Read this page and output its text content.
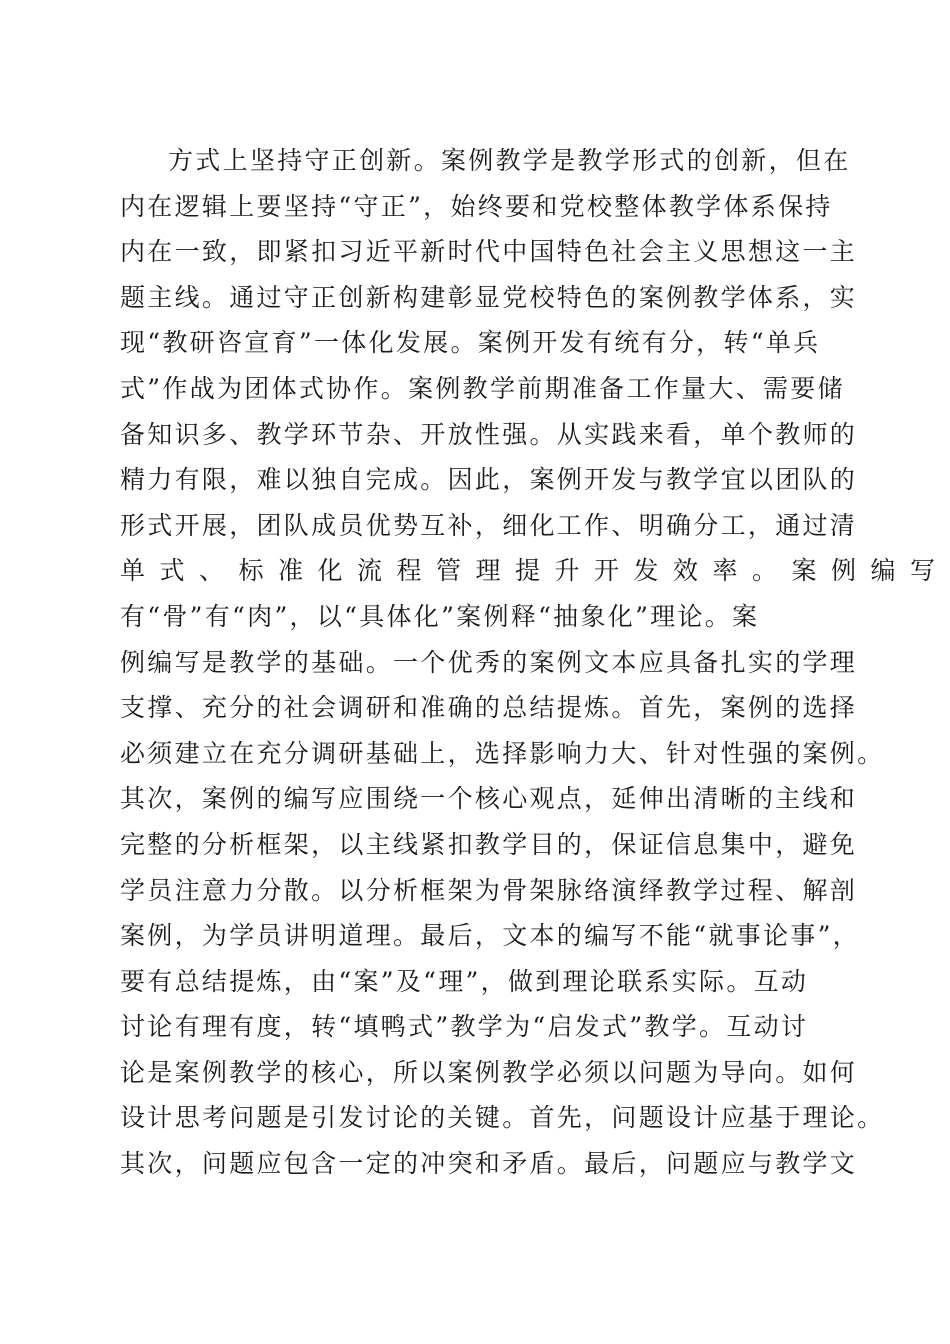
方式上坚持守正创新。案例教学是教学形式的创新，但在
内在逻辑上要坚持“守正”，始终要和党校整体教学体系保持
内在一致，即紧扣习近平新时代中国特色社会主义思想这一主
题主线。通过守正创新构建彰显党校特色的案例教学体系，实
现“教研咨宣育”一体化发展。案例开发有统有分，转“单兵
式”作战为团体式协作。案例教学前期准备工作量大、需要储
备知识多、教学环节杂、开放性强。从实践来看，单个教师的
精力有限，难以独自完成。因此，案例开发与教学宜以团队的
形式开展，团队成员优势互补，细化工作、明确分工，通过清
单式、标准化流程管理提升开发效率。案例编写
有“骨”有“肉”，以“具体化”案例释“抽象化”理论。案
例编写是教学的基础。一个优秀的案例文本应具备扎实的学理
支撑、充分的社会调研和准确的总结提炼。首先，案例的选择
必须建立在充分调研基础上，选择影响力大、针对性强的案例。
其次，案例的编写应围绕一个核心观点，延伸出清晰的主线和
完整的分析框架，以主线紧扣教学目的，保证信息集中，避免
学员注意力分散。以分析框架为骨架脉络演绎教学过程、解剖
案例，为学员讲明道理。最后，文本的编写不能“就事论事”，
要有总结提炼，由“案”及“理”，做到理论联系实际。互动
讨论有理有度，转“填鸭式”教学为“启发式”教学。互动讨
论是案例教学的核心，所以案例教学必须以问题为导向。如何
设计思考问题是引发讨论的关键。首先，问题设计应基于理论。
其次，问题应包含一定的冲突和矛盾。最后，问题应与教学文
